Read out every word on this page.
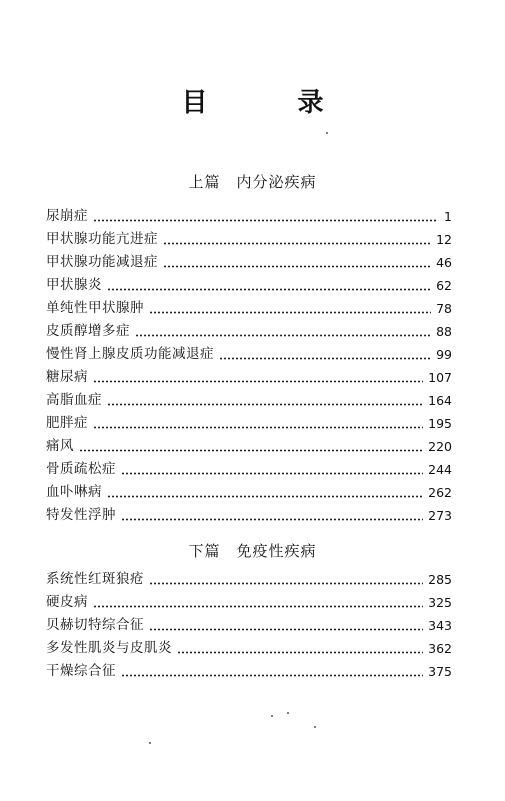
目　录
上篇　内分泌疾病
尿崩症	1
甲状腺功能亢进症	12
甲状腺功能减退症	46
甲状腺炎	62
单纯性甲状腺肿	78
皮质醇增多症	88
慢性肾上腺皮质功能减退症	99
糖尿病	107
高脂血症	164
肥胖症	195
痛风	220
骨质疏松症	244
血卟啉病	262
特发性浮肿	273
下篇　免疫性疾病
系统性红斑狼疮	285
硬皮病	325
贝赫切特综合征	343
多发性肌炎与皮肌炎	362
干燥综合征	375
